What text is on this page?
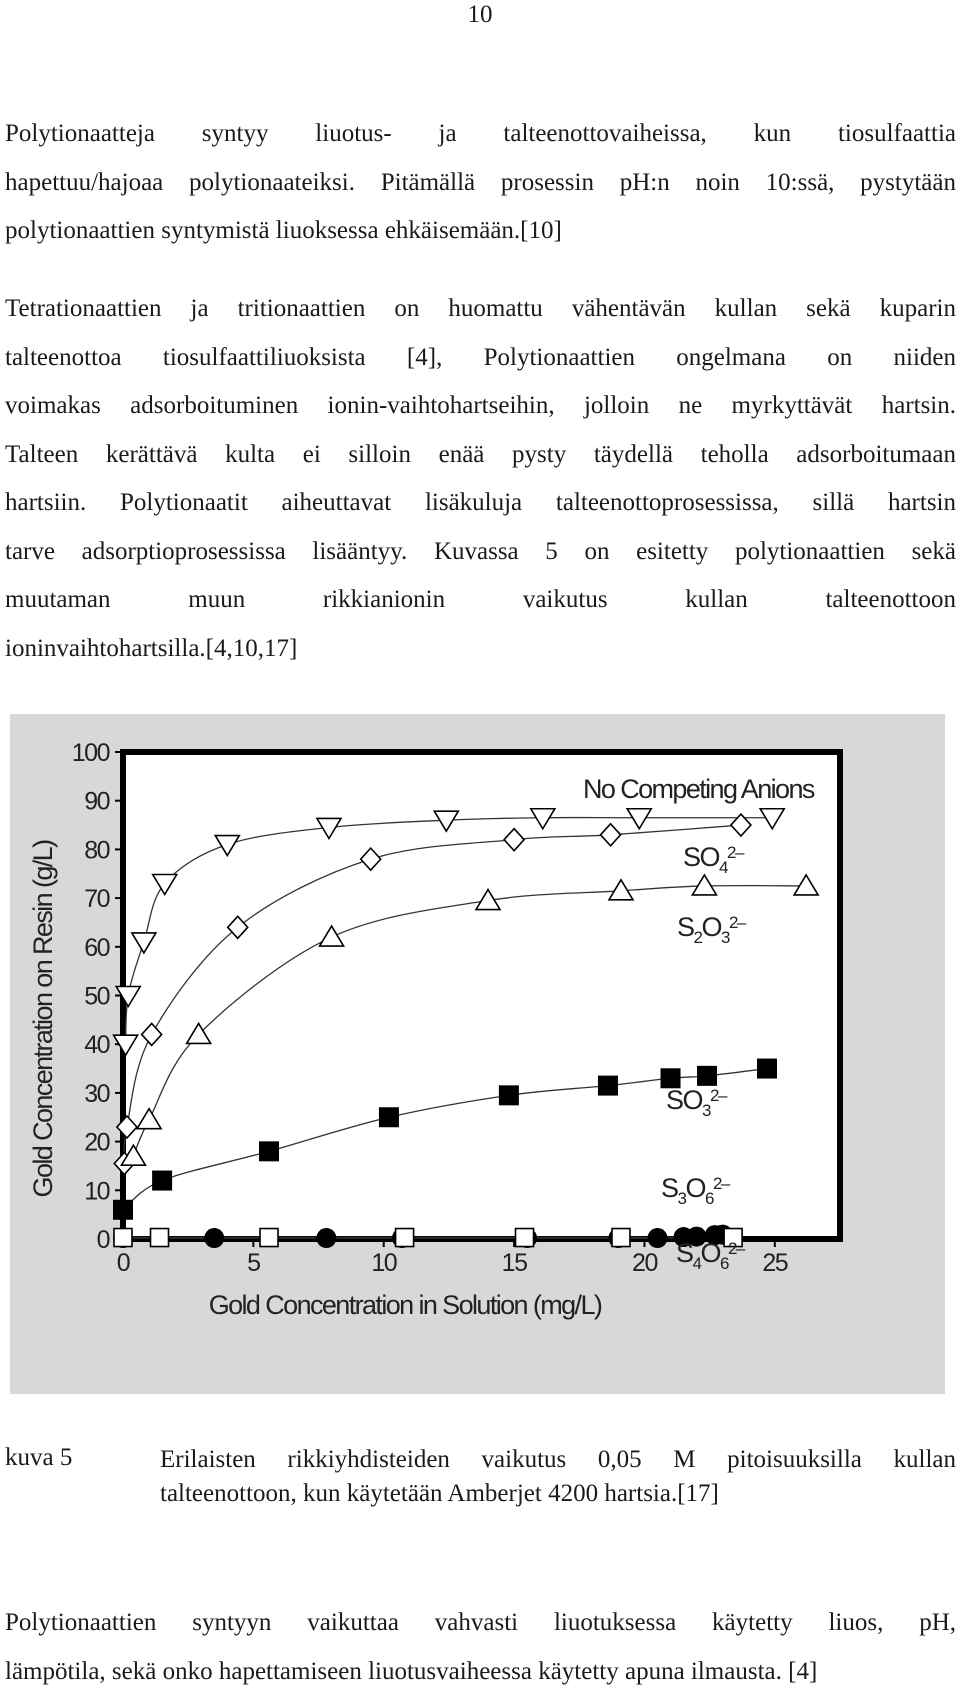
10
Polytionaatteja syntyy liuotus- ja talteenottovaiheissa, kun tiosulfaattia
hapettuu/hajoaa polytionaateiksi. Pitämällä prosessin pH:n noin 10:ssä, pystytään
polytionaattien syntymistä liuoksessa ehkäisemään.[10]
Tetrationaattien ja tritionaattien on huomattu vähentävän kullan sekä kuparin
talteenottoa tiosulfaattiliuoksista [4], Polytionaattien ongelmana on niiden
voimakas adsorboituminen ionin-vaihtohartseihin, jolloin ne myrkyttävät hartsin.
Talteen kerättävä kulta ei silloin enää pysty täydellä teholla adsorboitumaan
hartsiin. Polytionaatit aiheuttavat lisäkuluja talteenottoprosessissa, sillä hartsin
tarve adsorptioprosessissa lisääntyy. Kuvassa 5 on esitetty polytionaattien sekä
muutaman muun rikkianionin vaikutus kullan talteenottoon
ioninvaihtohartsilla.[4,10,17]
0
10
20
30
40
50
60
70
80
90
100
0	5	10	15	20	25
Gold Concentration in Solution (mg/L)
Gold Concentration on Resin (g/L)
No Competing Anions
$SO_4^{2-}$
$S_2O_3^{2-}$
$SO_3^{2-}$
$S_3O_6^{2-}$
$S_4O_6^{2-}$
kuva 5	Erilaisten rikkiyhdisteiden vaikutus 0,05 M pitoisuuksilla kullan
talteenottoon, kun käytetään Amberjet 4200 hartsia.[17]
Polytionaattien syntyyn vaikuttaa vahvasti liuotuksessa käytetty liuos, pH,
lämpötila, sekä onko hapettamiseen liuotusvaiheessa käytetty apuna ilmausta. [4]
